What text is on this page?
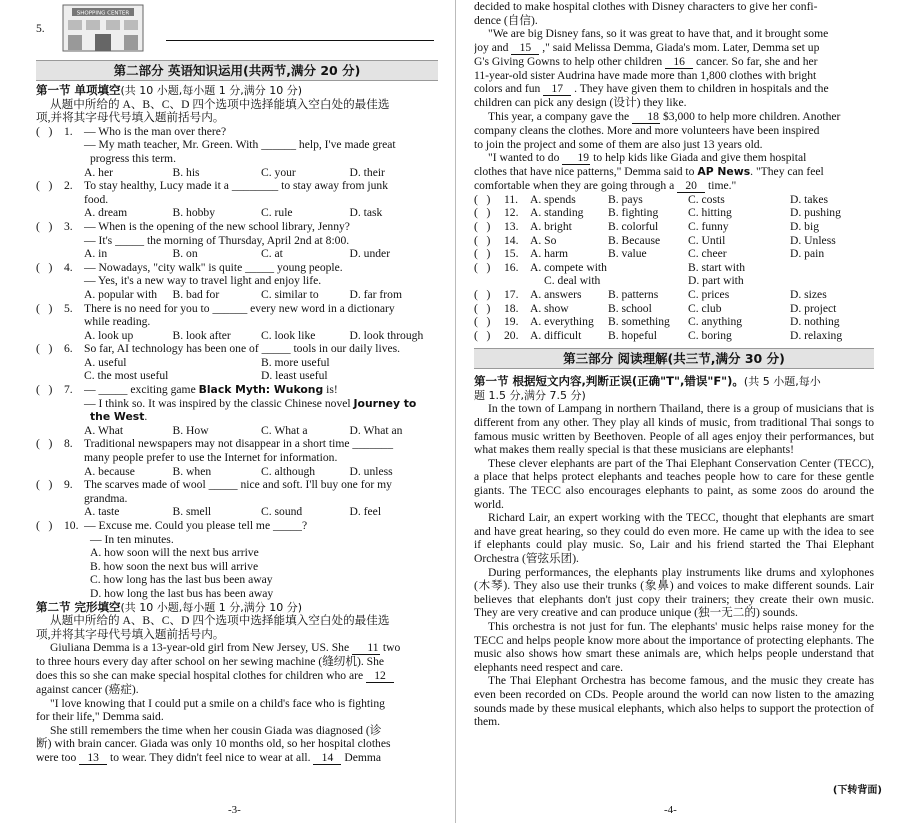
5.
SHOPPING CENTER
第二部分 英语知识运用(共两节,满分 20 分)
第一节 单项填空(共 10 小题,每小题 1 分,满分 10 分)
从题中所给的 A、B、C、D 四个选项中选择能填入空白处的最佳选
项,并将其字母代号填入题前括号内。
(   ) 1. — Who is the man over there?
— My math teacher, Mr. Green. With ______ help, I've made great
progress this term.
A. her	B. his	C. your	D. their
(   ) 2. To stay healthy, Lucy made it a ________ to stay away from junk
food.
A. dream	B. hobby	C. rule	D. task
(   ) 3. — When is the opening of the new school library, Jenny?
— It's _____ the morning of Thursday, April 2nd at 8:00.
A. in	B. on	C. at	D. under
(   ) 4. — Nowadays, "city walk" is quite _____ young people.
— Yes, it's a new way to travel light and enjoy life.
A. popular with	B. bad for	C. similar to	D. far from
(   ) 5. There is no need for you to ______ every new word in a dictionary
while reading.
A. look up	B. look after	C. look like	D. look through
(   ) 6. So far, AI technology has been one of _____ tools in our daily lives.
A. useful	B. more useful
C. the most useful	D. least useful
(   ) 7. — _____ exciting game Black Myth: Wukong is!
— I think so. It was inspired by the classic Chinese novel Journey to
the West.
A. What	B. How	C. What a	D. What an
(   ) 8. Traditional newspapers may not disappear in a short time _______
many people prefer to use the Internet for information.
A. because	B. when	C. although	D. unless
(   ) 9. The scarves made of wool _____ nice and soft. I'll buy one for my
grandma.
A. taste	B. smell	C. sound	D. feel
(   ) 10. — Excuse me. Could you please tell me _____?
— In ten minutes.
A. how soon will the next bus arrive
B. how soon the next bus will arrive
C. how long has the last bus been away
D. how long the last bus has been away
第二节 完形填空(共 10 小题,每小题 1 分,满分 10 分)
从题中所给的 A、B、C、D 四个选项中选择能填入空白处的最佳选
项,并将其字母代号填入题前括号内。
Giuliana Demma is a 13-year-old girl from New Jersey, US. She 11 two
to three hours every day after school on her sewing machine (缝纫机). She
does this so she can make special hospital clothes for children who are 12
against cancer (癌症).
"I love knowing that I could put a smile on a child's face who is fighting
for their life," Demma said.
She still remembers the time when her cousin Giada was diagnosed (诊
断) with brain cancer. Giada was only 10 months old, so her hospital clothes
were too 13 to wear. They didn't feel nice to wear at all. 14 Demma
-3-
decided to make hospital clothes with Disney characters to give her confi-
dence (自信).
"We are big Disney fans, so it was great to have that, and it brought some
joy and 15 ," said Melissa Demma, Giada's mom. Later, Demma set up
G's Giving Gowns to help other children 16 cancer. So far, she and her
11-year-old sister Audrina have made more than 1,800 clothes with bright
colors and fun 17 . They have given them to children in hospitals and the
children can pick any design (设计) they like.
This year, a company gave the 18 $3,000 to help more children. Another
company cleans the clothes. More and more volunteers have been inspired
to join the project and some of them are also just 13 years old.
"I wanted to do 19 to help kids like Giada and give them hospital
clothes that have nice patterns," Demma said to AP News. "They can feel
comfortable when they are going through a 20 time."
(   )	11.	A. spends	B. pays	C. costs	D. takes
(   )	12. A. standing	B. fighting	C. hitting	D. pushing
(   )	13. A. bright	B. colorful	C. funny	D. big
(   )	14. A. So	B. Because	C. Until	D. Unless
(   )	15. A. harm	B. value	C. cheer	D. pain
(   )	16. A. compete with	B. start with
C. deal with	D. part with
(   )	17. A. answers	B. patterns	C. prices	D. sizes
(   )	18. A. show	B. school	C. club	D. project
(   )	19. A. everything	B. something	C. anything	D. nothing
(   )	20. A. difficult	B. hopeful	C. boring	D. relaxing
第三部分 阅读理解(共三节,满分 30 分)
第一节 根据短文内容,判断正误(正确"T",错误"F")。(共 5 小题,每小
题 1.5 分,满分 7.5 分)

In the town of Lampang in northern Thailand, there is a group of musicians that is different from any other. They play all kinds of music, from traditional Thai songs to famous music written by Beethoven. People of all ages enjoy their performances, but what makes them really special is that these musicians are elephants!

These clever elephants are part of the Thai Elephant Conservation Center (TECC), a place that helps protect elephants and teaches people how to care for these gentle giants. The TECC also encourages elephants to paint, as some zoos do around the world.

Richard Lair, an expert working with the TECC, thought that elephants are smart and have great hearing, so they could do even more. He came up with the idea to see if elephants could play music. So, Lair and his friend started the Thai Elephant Orchestra (管弦乐团).

During performances, the elephants play instruments like drums and xylophones (木琴). They also use their trunks (象鼻) and voices to make different sounds. Lair believes that elephants don't just copy their trainers; they create their own music. They are very creative and can produce unique (独一无二的) sounds.

This orchestra is not just for fun. The elephants' music helps raise money for the TECC and helps people know more about the importance of protecting elephants. The music also shows how smart these animals are, which helps people understand that elephants need respect and care.

The Thai Elephant Orchestra has become famous, and the music they create has even been recorded on CDs. People around the world can now listen to the amazing sounds made by these musical elephants, which also helps to support the protection of them.

(下转背面)
-4-
